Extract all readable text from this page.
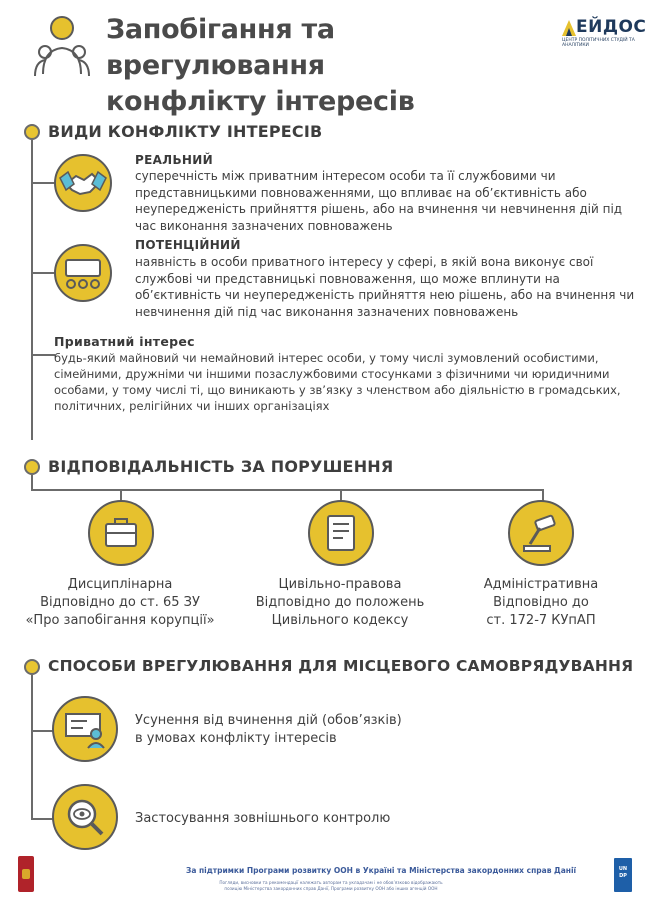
Запобігання та врегулювання
конфлікту інтересів
ЕЙДОС
ЦЕНТР ПОЛІТИЧНИХ СТУДІЙ ТА АНАЛІТИКИ
ВИДИ КОНФЛІКТУ ІНТЕРЕСІВ
РЕАЛЬНИЙ
суперечність між приватним інтересом особи та її службовими чи представницькими повноваженнями, що впливає на об’єктивність або неупередженість прийняття рішень, або на вчинення чи невчинення дій під час виконання зазначених повноважень
ПОТЕНЦІЙНИЙ
наявність в особи приватного інтересу у сфері, в якій вона виконує свої службові чи представницькі повноваження, що може вплинути на об’єктивність чи неупередженість прийняття нею рішень, або на вчинення чи невчинення дій під час виконання зазначених повноважень
Приватний інтерес
будь-який майновий чи немайновий інтерес особи, у тому числі зумовлений особистими, сімейними, дружніми чи іншими позаслужбовими стосунками з фізичними чи юридичними особами, у тому числі ті, що виникають у зв’язку з членством або діяльністю в громадських, політичних, релігійних чи інших організаціях
ВІДПОВІДАЛЬНІСТЬ ЗА ПОРУШЕННЯ
Дисциплінарна
Відповідно до ст. 65 ЗУ
«Про запобігання корупції»
Цивільно-правова
Відповідно до положень
Цивільного кодексу
Адміністративна
Відповідно до
ст. 172-7 КУпАП
СПОСОБИ ВРЕГУЛЮВАННЯ ДЛЯ МІСЦЕВОГО САМОВРЯДУВАННЯ
Усунення від вчинення дій (обов’язків)
в умовах конфлікту інтересів
Застосування зовнішнього контролю
За підтримки Програми розвитку ООН в Україні та Міністерства закордонних справ Данії
Погляди, висновки та рекомендації належать авторам та укладачам і не обов’язково відображають позицію Міністерства закордонних справ Данії, Програми розвитку ООН або інших агенцій ООН
UN DP
